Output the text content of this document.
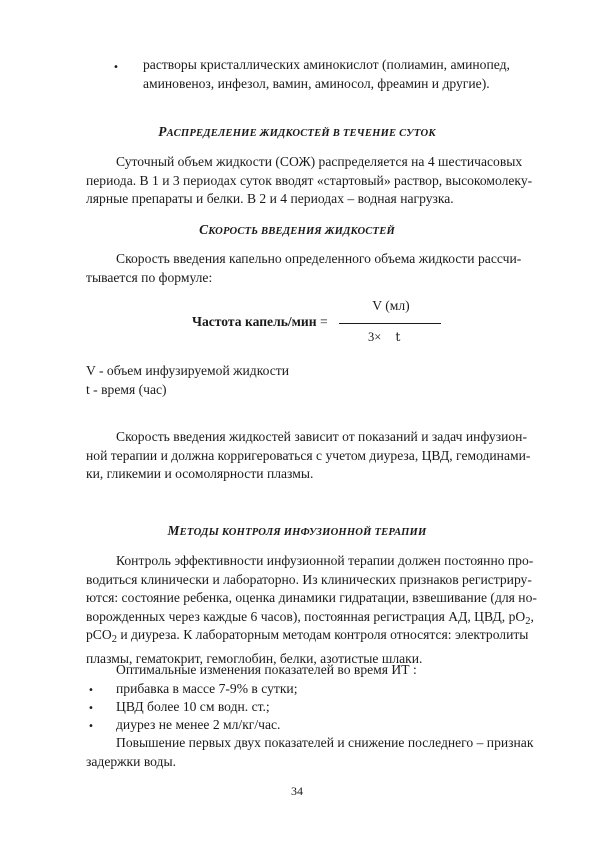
• растворы кристаллических аминокислот (полиамин, аминопед,
аминовеноз, инфезол, вамин, аминосол, фреамин и другие).
РАСПРЕДЕЛЕНИЕ ЖИДКОСТЕЙ В ТЕЧЕНИЕ СУТОК
Суточный объем жидкости (СОЖ) распределяется на 4 шестичасовых
периода. В 1 и 3 периодах суток вводят «стартовый» раствор, высокомолеку-
лярные препараты и белки. В 2 и 4 периодах – водная нагрузка.
СКОРОСТЬ ВВЕДЕНИЯ ЖИДКОСТЕЙ
Скорость введения капельно определенного объема жидкости рассчи-
тывается по формуле:
V (мл)
Частота капель/мин =
3× t
V - объем инфузируемой жидкости
t - время (час)
Скорость введения жидкостей зависит от показаний и задач инфузион-
ной терапии и должна корригероваться с учетом диуреза, ЦВД, гемодинами-
ки, гликемии и осомолярности плазмы.
МЕТОДЫ КОНТРОЛЯ ИНФУЗИОННОЙ ТЕРАПИИ
Контроль эффективности инфузионной терапии должен постоянно про-
водиться клинически и лабораторно. Из клинических признаков регистриру-
ются: состояние ребенка, оценка динамики гидратации, взвешивание (для но-
ворожденных через каждые 6 часов), постоянная регистрация АД, ЦВД, $pO_2$,
pCO$_2$ и диуреза. К лабораторным методам контроля относятся: электролиты
плазмы, гематокрит, гемоглобин, белки, азотистые шлаки.
Оптимальные изменения показателей во время ИТ :
• прибавка в массе 7-9% в сутки;
• ЦВД более 10 см водн. ст.;
• диурез не менее 2 мл/кг/час.
Повышение первых двух показателей и снижение последнего – признак
задержки воды.
34
